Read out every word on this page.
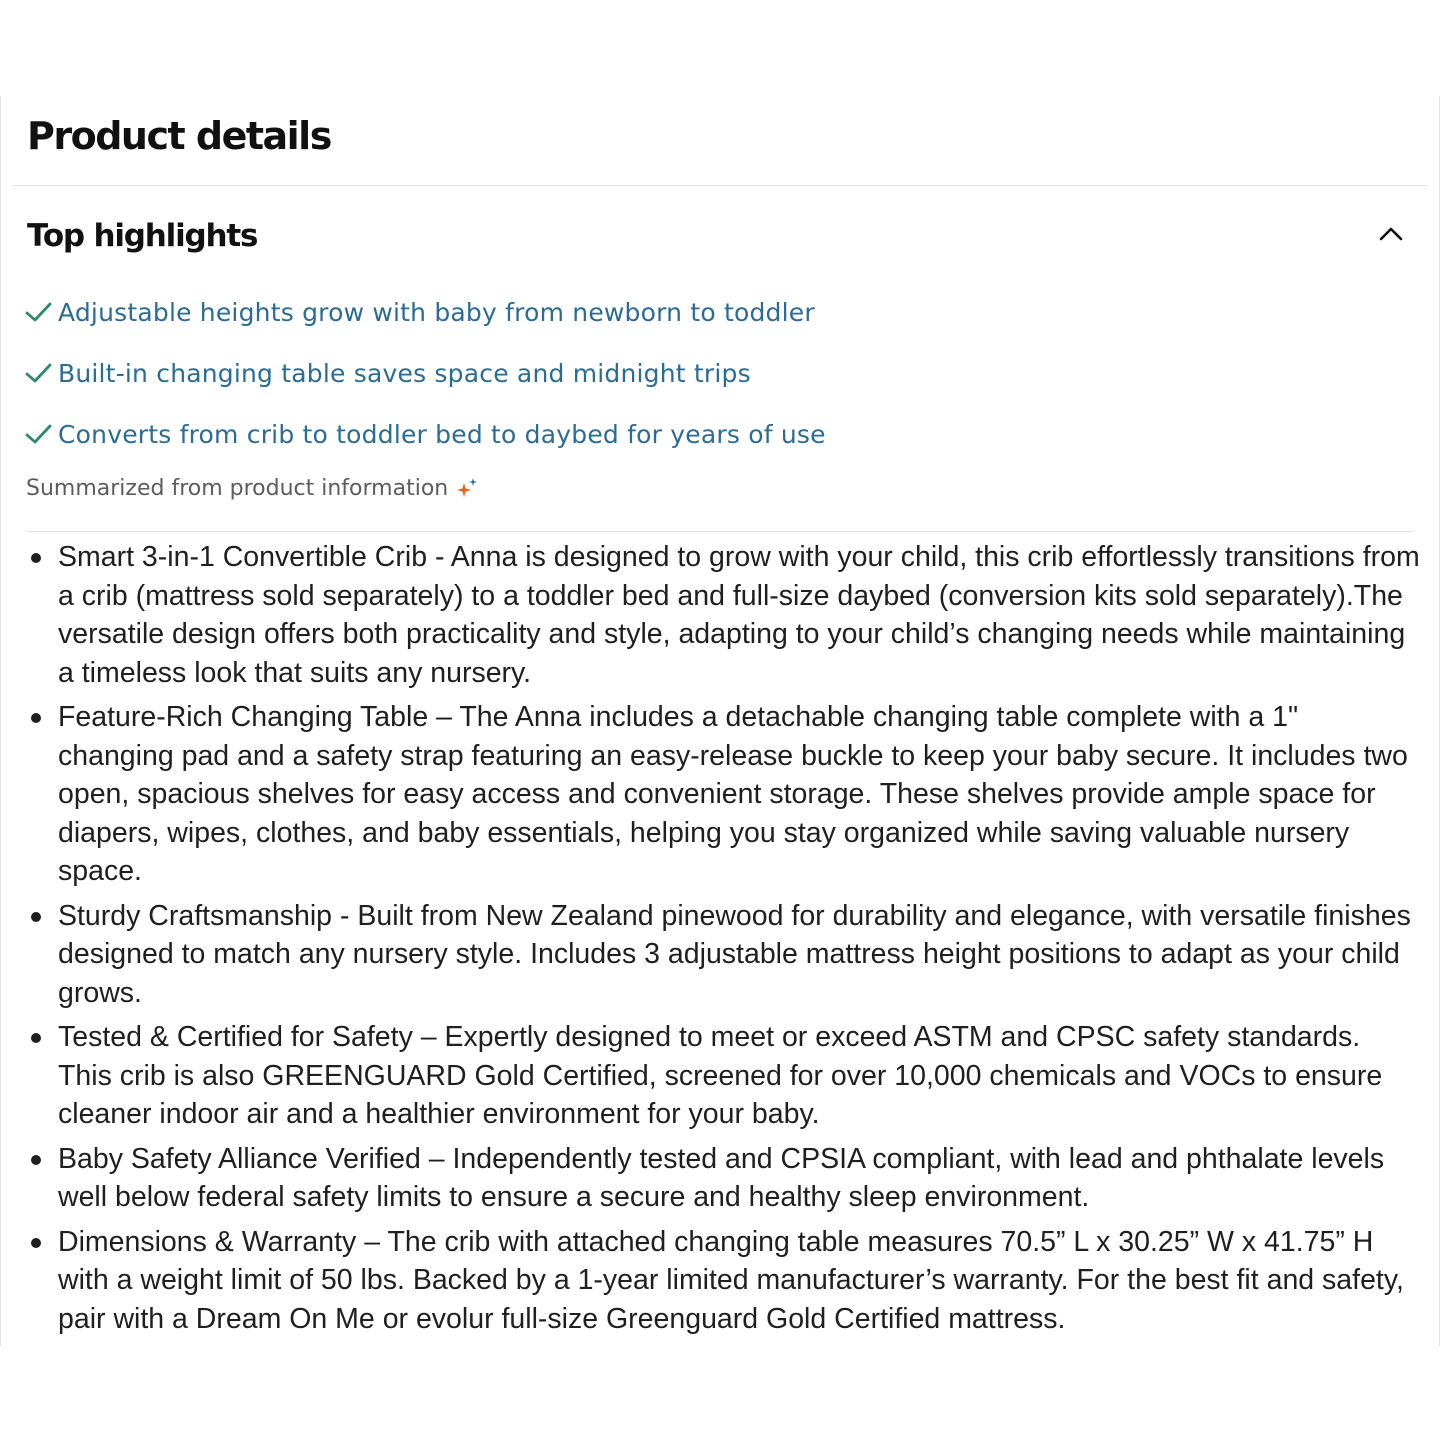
Product details
Top highlights
Adjustable heights grow with baby from newborn to toddler
Built-in changing table saves space and midnight trips
Converts from crib to toddler bed to daybed for years of use
Summarized from product information
Smart 3-in-1 Convertible Crib - Anna is designed to grow with your child, this crib effortlessly transitions from a crib (mattress sold separately) to a toddler bed and full-size daybed (conversion kits sold separately).The versatile design offers both practicality and style, adapting to your child’s changing needs while maintaining a timeless look that suits any nursery.
Feature-Rich Changing Table – The Anna includes a detachable changing table complete with a 1" changing pad and a safety strap featuring an easy-release buckle to keep your baby secure. It includes two open, spacious shelves for easy access and convenient storage. These shelves provide ample space for diapers, wipes, clothes, and baby essentials, helping you stay organized while saving valuable nursery space.
Sturdy Craftsmanship - Built from New Zealand pinewood for durability and elegance, with versatile finishes designed to match any nursery style. Includes 3 adjustable mattress height positions to adapt as your child grows.
Tested & Certified for Safety – Expertly designed to meet or exceed ASTM and CPSC safety standards. This crib is also GREENGUARD Gold Certified, screened for over 10,000 chemicals and VOCs to ensure cleaner indoor air and a healthier environment for your baby.
Baby Safety Alliance Verified – Independently tested and CPSIA compliant, with lead and phthalate levels well below federal safety limits to ensure a secure and healthy sleep environment.
Dimensions & Warranty – The crib with attached changing table measures 70.5” L x 30.25” W x 41.75” H with a weight limit of 50 lbs. Backed by a 1-year limited manufacturer’s warranty. For the best fit and safety, pair with a Dream On Me or evolur full-size Greenguard Gold Certified mattress.
